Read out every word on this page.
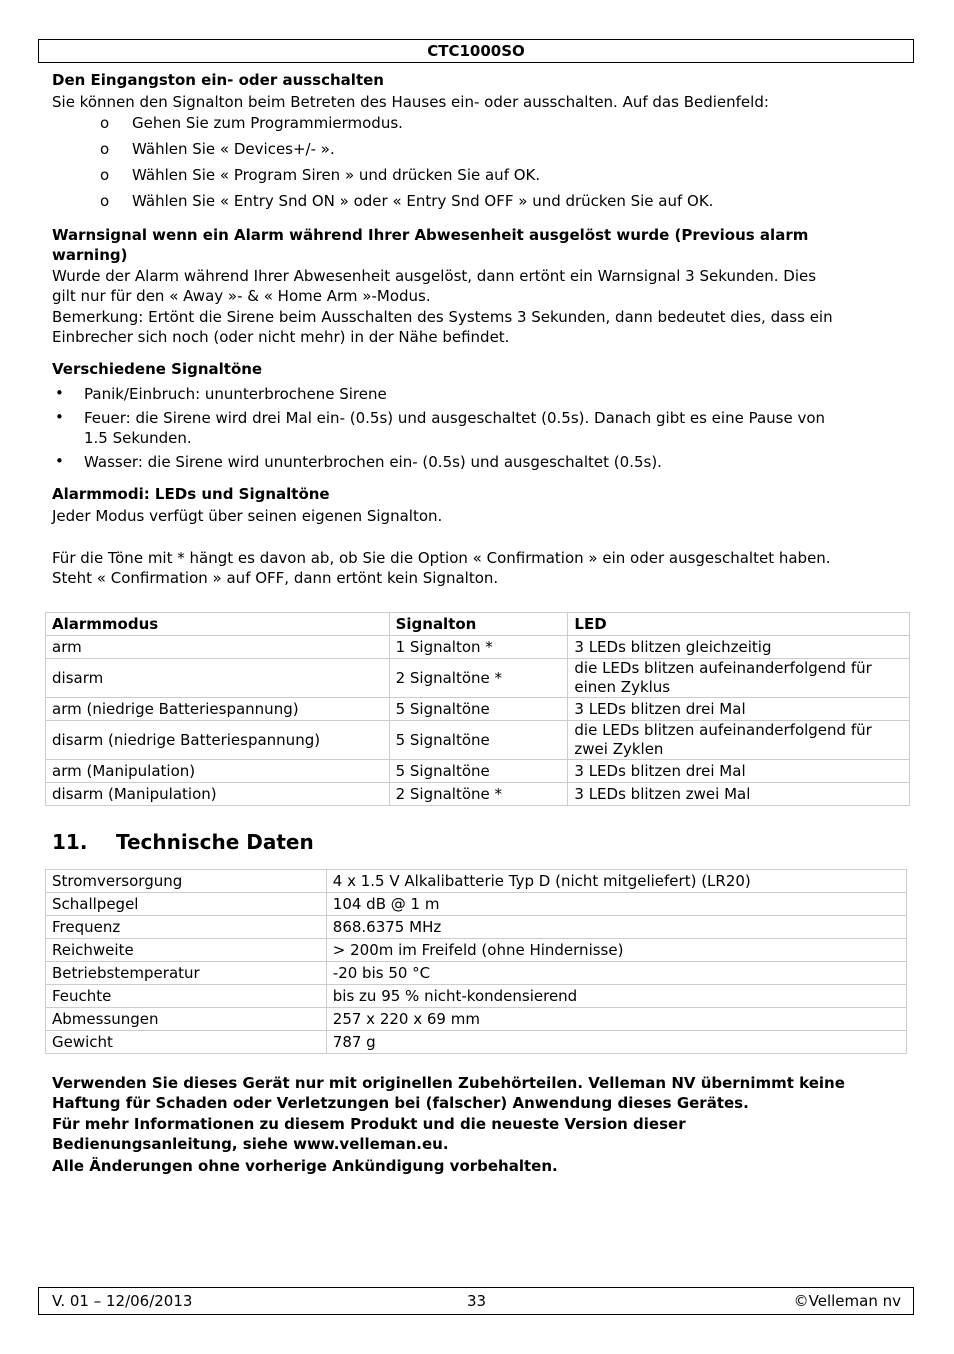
CTC1000SO
Den Eingangston ein- oder ausschalten
Sie können den Signalton beim Betreten des Hauses ein- oder ausschalten. Auf das Bedienfeld:
o Gehen Sie zum Programmiermodus.
o Wählen Sie « Devices+/- ».
o Wählen Sie « Program Siren » und drücken Sie auf OK.
o Wählen Sie « Entry Snd ON » oder « Entry Snd OFF » und drücken Sie auf OK.
Warnsignal wenn ein Alarm während Ihrer Abwesenheit ausgelöst wurde (Previous alarm
warning)
Wurde der Alarm während Ihrer Abwesenheit ausgelöst, dann ertönt ein Warnsignal 3 Sekunden. Dies
gilt nur für den « Away »- & « Home Arm »-Modus.
Bemerkung: Ertönt die Sirene beim Ausschalten des Systems 3 Sekunden, dann bedeutet dies, dass ein
Einbrecher sich noch (oder nicht mehr) in der Nähe befindet.
Verschiedene Signaltöne
• Panik/Einbruch: ununterbrochene Sirene
• Feuer: die Sirene wird drei Mal ein- (0.5s) und ausgeschaltet (0.5s). Danach gibt es eine Pause von
1.5 Sekunden.
• Wasser: die Sirene wird ununterbrochen ein- (0.5s) und ausgeschaltet (0.5s).
Alarmmodi: LEDs und Signaltöne
Jeder Modus verfügt über seinen eigenen Signalton.
Für die Töne mit * hängt es davon ab, ob Sie die Option « Confirmation » ein oder ausgeschaltet haben.
Steht « Confirmation » auf OFF, dann ertönt kein Signalton.
Alarmmodus	Signalton	LED
arm	1 Signalton *	3 LEDs blitzen gleichzeitig

disarm	2 Signaltöne *	die LEDs blitzen aufeinanderfolgend für
einen Zyklus

arm (niedrige Batteriespannung)	5 Signaltöne	3 LEDs blitzen drei Mal

disarm (niedrige Batteriespannung)	5 Signaltöne	die LEDs blitzen aufeinanderfolgend für
zwei Zyklen

arm (Manipulation)	5 Signaltöne	3 LEDs blitzen drei Mal

disarm (Manipulation)	2 Signaltöne *	3 LEDs blitzen zwei Mal
11. Technische Daten
Stromversorgung	4 x 1.5 V Alkalibatterie Typ D (nicht mitgeliefert) (LR20)
Schallpegel	104 dB @ 1 m
Frequenz	868.6375 MHz
Reichweite	> 200m im Freifeld (ohne Hindernisse)
Betriebstemperatur	-20 bis 50 °C
Feuchte	bis zu 95 % nicht-kondensierend
Abmessungen	257 x 220 x 69 mm
Gewicht	787 g
Verwenden Sie dieses Gerät nur mit originellen Zubehörteilen. Velleman NV übernimmt keine
Haftung für Schaden oder Verletzungen bei (falscher) Anwendung dieses Gerätes.
Für mehr Informationen zu diesem Produkt und die neueste Version dieser
Bedienungsanleitung, siehe www.velleman.eu.
Alle Änderungen ohne vorherige Ankündigung vorbehalten.
V. 01 – 12/06/2013	33	©Velleman nv
